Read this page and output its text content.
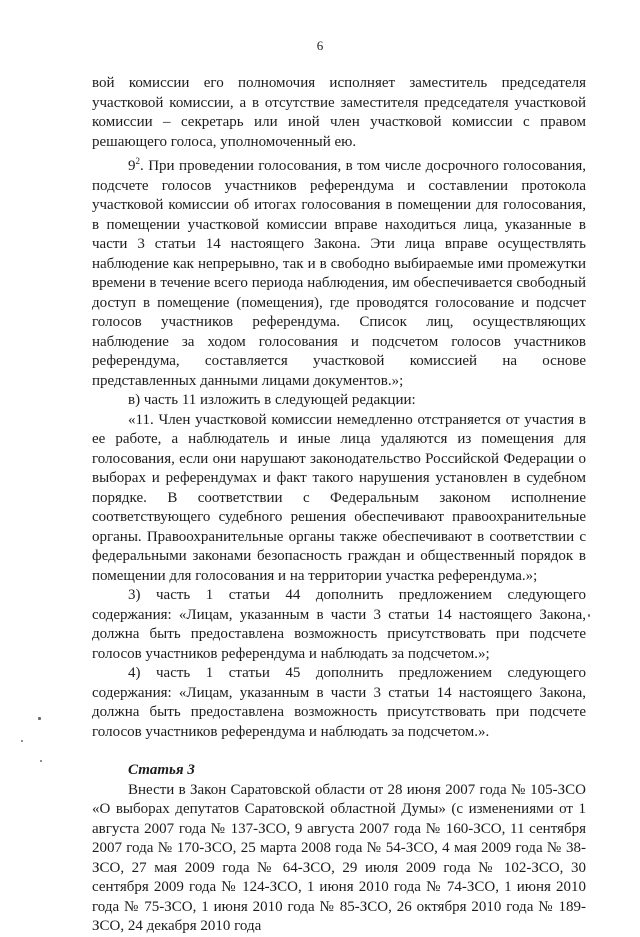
6

вой комиссии его полномочия исполняет заместитель председателя участковой комиссии, а в отсутствие заместителя председателя участковой комиссии – секретарь или иной член участковой комиссии с правом решающего голоса, уполномоченный ею.

$9^2$. При проведении голосования, в том числе досрочного голосования, подсчете голосов участников референдума и составлении протокола участковой комиссии об итогах голосования в помещении для голосования, в помещении участковой комиссии вправе находиться лица, указанные в части 3 статьи 14 настоящего Закона. Эти лица вправе осуществлять наблюдение как непрерывно, так и в свободно выбираемые ими промежутки времени в течение всего периода наблюдения, им обеспечивается свободный доступ в помещение (помещения), где проводятся голосование и подсчет голосов участников референдума. Список лиц, осуществляющих наблюдение за ходом голосования и подсчетом голосов участников референдума, составляется участковой комиссией на основе представленных данными лицами документов.»;

в) часть 11 изложить в следующей редакции:

«11. Член участковой комиссии немедленно отстраняется от участия в ее работе, а наблюдатель и иные лица удаляются из помещения для голосования, если они нарушают законодательство Российской Федерации о выборах и референдумах и факт такого нарушения установлен в судебном порядке. В соответствии с Федеральным законом исполнение соответствующего судебного решения обеспечивают правоохранительные органы. Правоохранительные органы также обеспечивают в соответствии с федеральными законами безопасность граждан и общественный порядок в помещении для голосования и на территории участка референдума.»;

3) часть 1 статьи 44 дополнить предложением следующего содержания: «Лицам, указанным в части 3 статьи 14 настоящего Закона, должна быть предоставлена возможность присутствовать при подсчете голосов участников референдума и наблюдать за подсчетом.»;

4) часть 1 статьи 45 дополнить предложением следующего содержания: «Лицам, указанным в части 3 статьи 14 настоящего Закона, должна быть предоставлена возможность присутствовать при подсчете голосов участников референдума и наблюдать за подсчетом.».

Статья 3

Внести в Закон Саратовской области от 28 июня 2007 года № 105-ЗСО «О выборах депутатов Саратовской областной Думы» (с изменениями от 1 августа 2007 года № 137-ЗСО, 9 августа 2007 года № 160-ЗСО, 11 сентября 2007 года № 170-ЗСО, 25 марта 2008 года № 54-ЗСО, 4 мая 2009 года № 38-ЗСО, 27 мая 2009 года № 64-ЗСО, 29 июля 2009 года № 102-ЗСО, 30 сентября 2009 года № 124-ЗСО, 1 июня 2010 года № 74-ЗСО, 1 июня 2010 года № 75-ЗСО, 1 июня 2010 года № 85-ЗСО, 26 октября 2010 года № 189-ЗСО, 24 декабря 2010 года
